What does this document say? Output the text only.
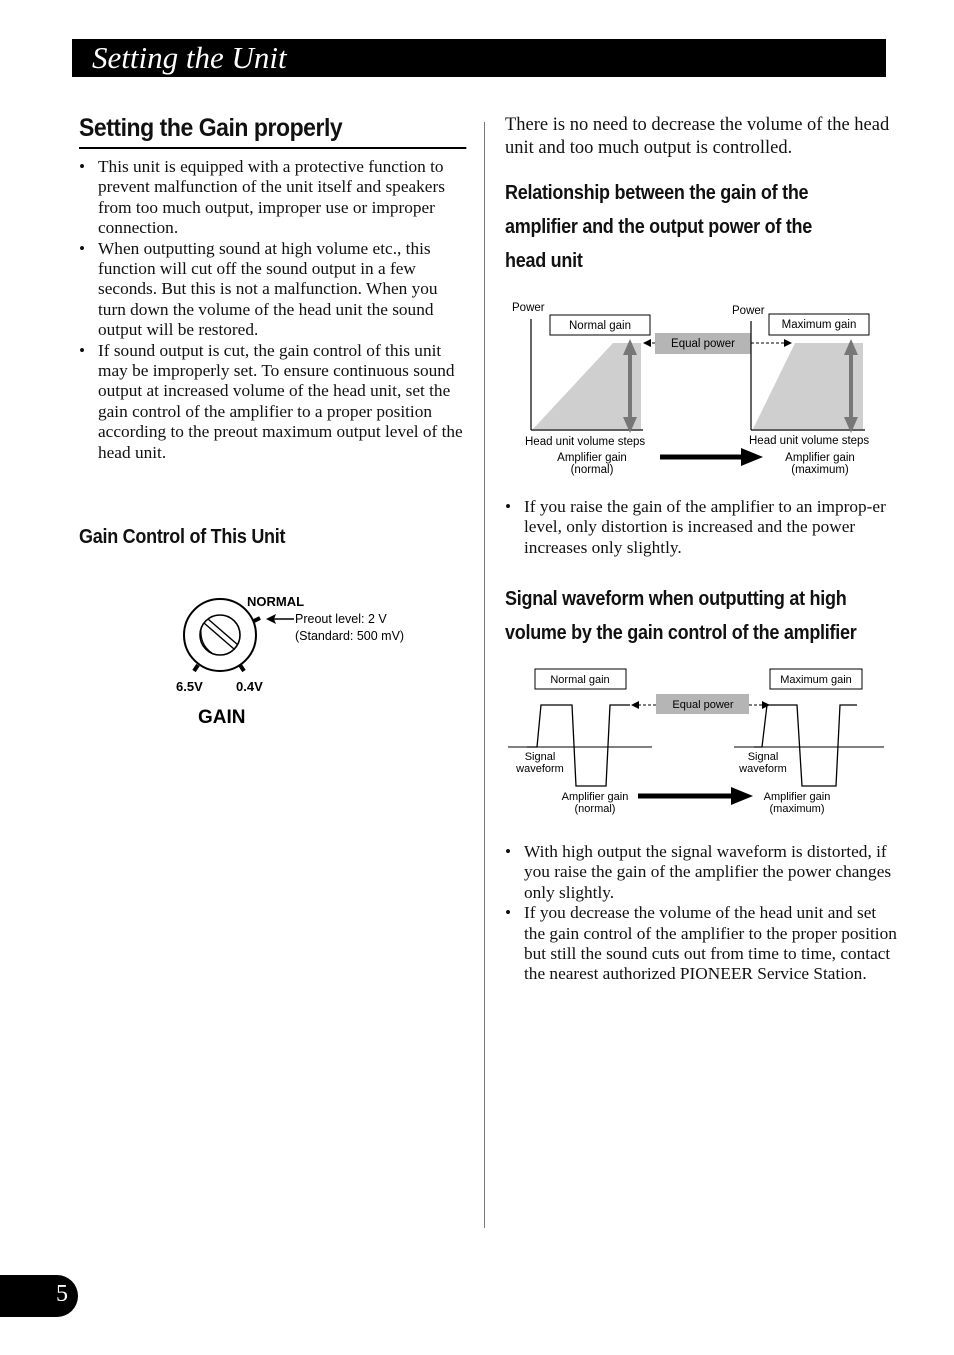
Setting the Unit
Setting the Gain properly
• This unit is equipped with a protective function to prevent malfunction of the unit itself and speakers from too much output, improper use or improper connection.
• When outputting sound at high volume etc., this function will cut off the sound output in a few seconds. But this is not a malfunction. When you turn down the volume of the head unit the sound output will be restored.
• If sound output is cut, the gain control of this unit may be improperly set. To ensure continuous sound output at increased volume of the head unit, set the gain control of the amplifier to a proper position according to the preout maximum output level of the head unit.
Gain Control of This Unit
NORMAL
Preout level: 2 V
(Standard: 500 mV)
6.5V	0.4V
GAIN

There is no need to decrease the volume of the head unit and too much output is controlled.

Relationship between the gain of the
amplifier and the output power of the
head unit
Power
Normal gain
Head unit volume steps
Equal power
Power
Maximum gain
Head unit volume steps
Amplifier gain
(normal)
Amplifier gain
(maximum)
• If you raise the gain of the amplifier to an improp-er level, only distortion is increased and the power increases only slightly.
Signal waveform when outputting at high
volume by the gain control of the amplifier
Normal gain	Maximum gain
Equal power
Signal
waveform
Signal
waveform
Amplifier gain
(normal)
Amplifier gain
(maximum)
• With high output the signal waveform is distorted, if you raise the gain of the amplifier the power changes only slightly.
• If you decrease the volume of the head unit and set the gain control of the amplifier to the proper position but still the sound cuts out from time to time, contact the nearest authorized PIONEER Service Station.
5
